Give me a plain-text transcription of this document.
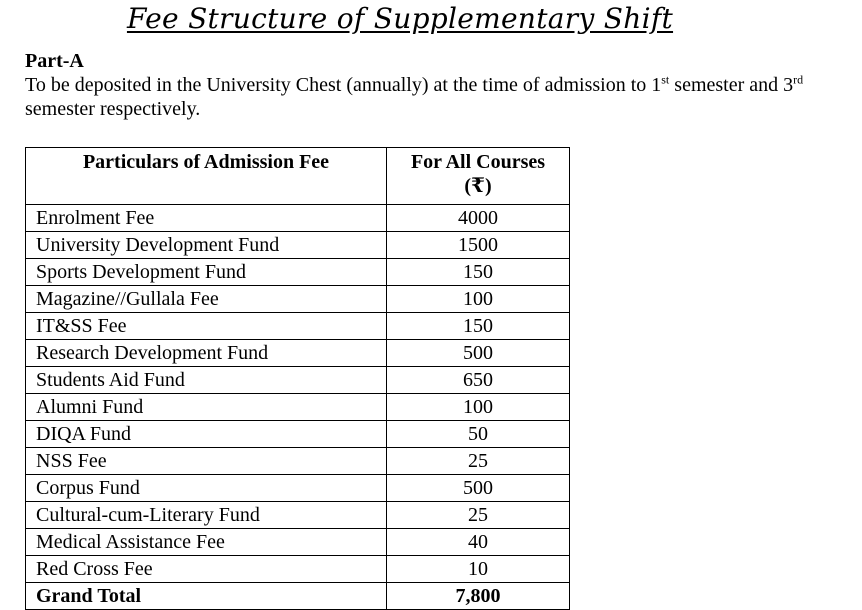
Fee Structure of Supplementary Shift
Part-A
To be deposited in the University Chest (annually) at the time of admission to 1st semester and 3rd semester respectively.
Particulars of Admission Fee	For All Courses
(₹)
Enrolment Fee	4000
University Development Fund	1500
Sports Development Fund	150
Magazine//Gullala Fee	100
IT&SS Fee	150
Research Development Fund	500
Students Aid Fund	650
Alumni Fund	100
DIQA Fund	50
NSS Fee	25
Corpus Fund	500
Cultural-cum-Literary Fund	25
Medical Assistance Fee	40
Red Cross Fee	10
Grand Total	7,800
